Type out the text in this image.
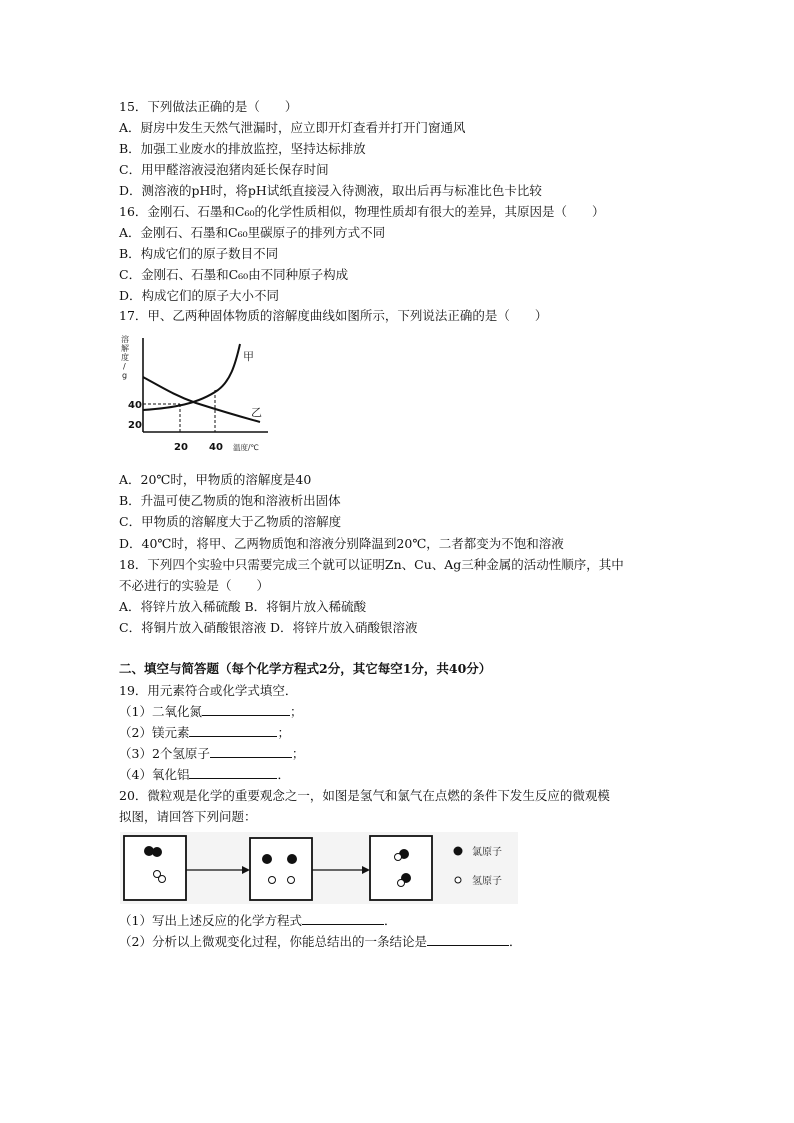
15．下列做法正确的是（　　）
A．厨房中发生天然气泄漏时，应立即开灯查看并打开门窗通风
B．加强工业废水的排放监控，坚持达标排放
C．用甲醛溶液浸泡猪肉延长保存时间
D．测溶液的pH时，将pH试纸直接浸入待测液，取出后再与标准比色卡比较
16．金刚石、石墨和C₆₀的化学性质相似，物理性质却有很大的差异，其原因是（　　）
A．金刚石、石墨和C₆₀里碳原子的排列方式不同
B．构成它们的原子数目不同
C．金刚石、石墨和C₆₀由不同种原子构成
D．构成它们的原子大小不同
17．甲、乙两种固体物质的溶解度曲线如图所示，下列说法正确的是（　　）
溶
解
度
/
g
40
20
20 40 温度/℃
甲
乙
A．20℃时，甲物质的溶解度是40
B．升温可使乙物质的饱和溶液析出固体
C．甲物质的溶解度大于乙物质的溶解度
D．40℃时，将甲、乙两物质饱和溶液分别降温到20℃，二者都变为不饱和溶液
18．下列四个实验中只需要完成三个就可以证明Zn、Cu、Ag三种金属的活动性顺序，其中
不必进行的实验是（　　）
A．将锌片放入稀硫酸 B．将铜片放入稀硫酸
C．将铜片放入硝酸银溶液 D．将锌片放入硝酸银溶液
二、填空与简答题（每个化学方程式2分，其它每空1分，共40分）
19．用元素符合或化学式填空．
（1）二氧化氮	；
（2）镁元素	；
（3）2个氢原子	；
（4）氧化铝	．
20．微粒观是化学的重要观念之一，如图是氢气和氯气在点燃的条件下发生反应的微观模
拟图，请回答下列问题：
氯原子
氢原子
（1）写出上述反应的化学方程式	．
（2）分析以上微观变化过程，你能总结出的一条结论是	．
